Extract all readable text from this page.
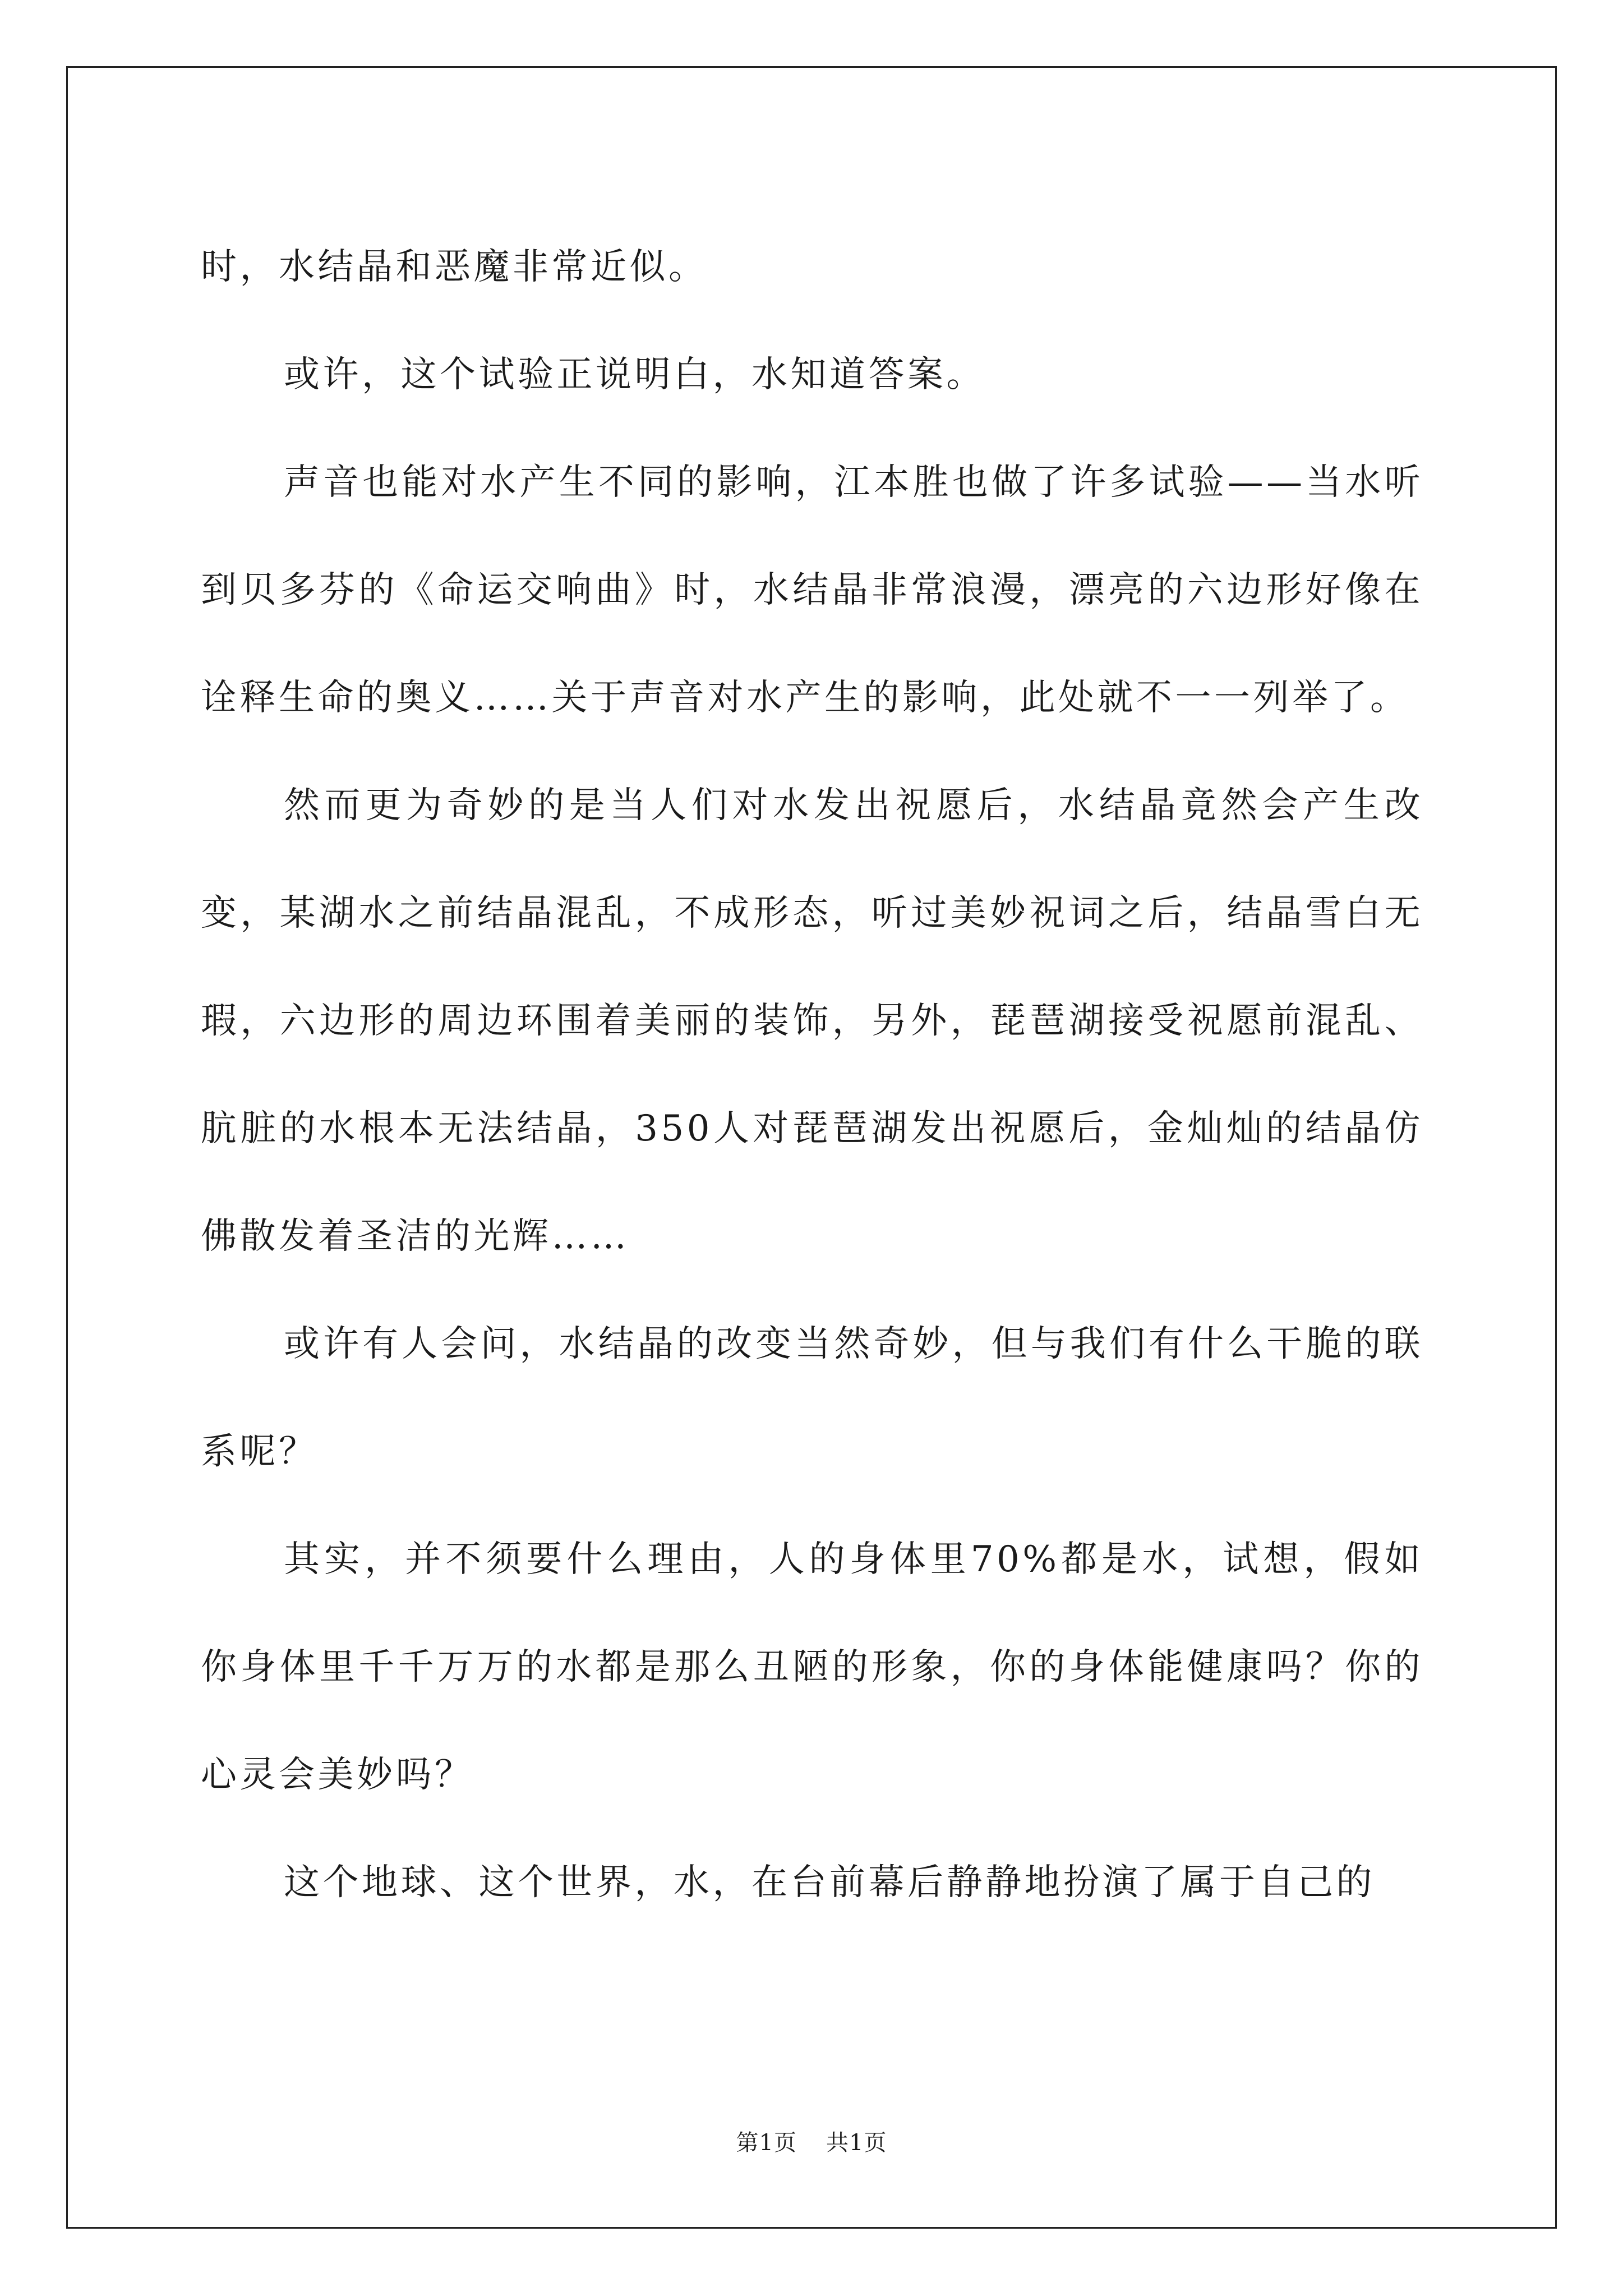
时，水结晶和恶魔非常近似。

或许，这个试验正说明白，水知道答案。

声音也能对水产生不同的影响，江本胜也做了许多试验——当水听到贝多芬的《命运交响曲》时，水结晶非常浪漫，漂亮的六边形好像在诠释生命的奥义……关于声音对水产生的影响，此处就不一一列举了。

然而更为奇妙的是当人们对水发出祝愿后，水结晶竟然会产生改变，某湖水之前结晶混乱，不成形态，听过美妙祝词之后，结晶雪白无瑕，六边形的周边环围着美丽的装饰，另外，琵琶湖接受祝愿前混乱、肮脏的水根本无法结晶，350人对琵琶湖发出祝愿后，金灿灿的结晶仿佛散发着圣洁的光辉……

或许有人会问，水结晶的改变当然奇妙，但与我们有什么干脆的联系呢？

其实，并不须要什么理由，人的身体里70%都是水，试想，假如你身体里千千万万的水都是那么丑陋的形象，你的身体能健康吗？你的心灵会美妙吗？

这个地球、这个世界，水，在台前幕后静静地扮演了属于自己的

第1页 共1页
